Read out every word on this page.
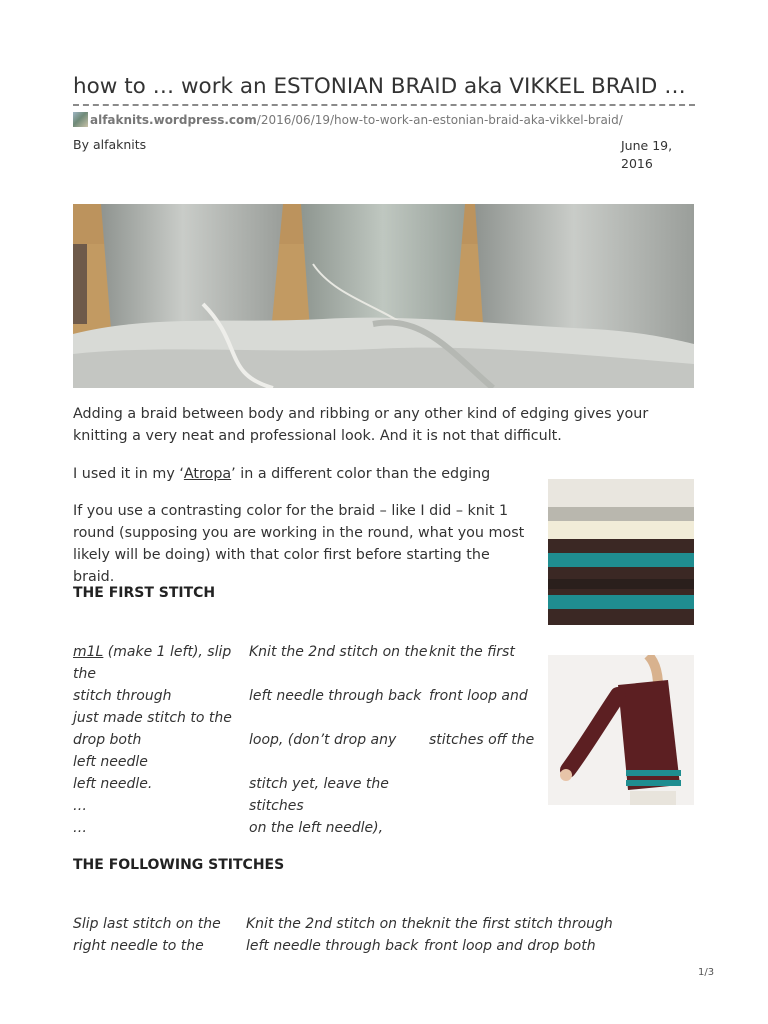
how to … work an ESTONIAN BRAID aka VIKKEL BRAID …
alfaknits.wordpress.com/2016/06/19/how-to-work-an-estonian-braid-aka-vikkel-braid/
By alfaknits	June 19, 2016

Adding a braid between body and ribbing or any other kind of edging gives your knitting a very neat and professional look. And it is not that difficult.

I used it in my ‘Atropa’ in a different color than the edging

If you use a contrasting color for the braid – like I did – knit 1 round (supposing you are working in the round, what you most likely will be doing) with that color first before starting the braid.

THE FIRST STITCH
m1L (make 1 left), slip the
stitch through
just made stitch to the
drop both
left needle
left needle.
…
…
Knit the 2nd stitch on the
left needle through back
loop, (don’t drop any
stitch yet, leave the stitches
on the left needle),
knit the first
front loop and
stitches off the
THE FOLLOWING STITCHES
Slip last stitch on the
right needle to the
Knit the 2nd stitch on the
left needle through back
knit the first stitch through
front loop and drop both
1/3
